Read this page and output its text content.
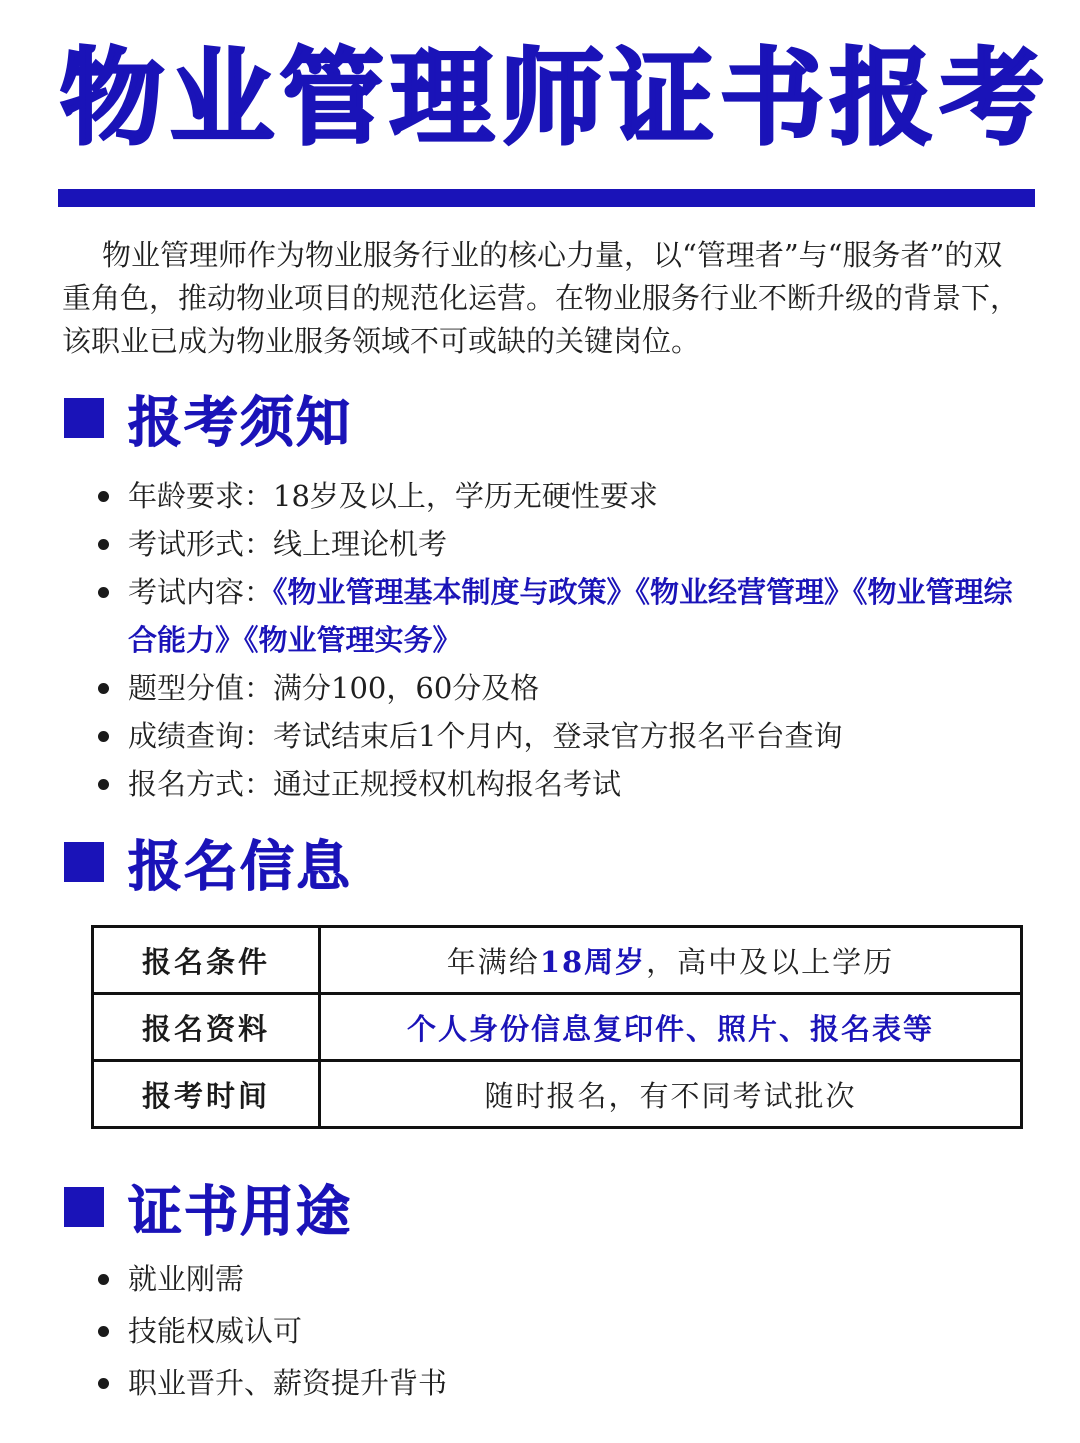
物业管理师证书报考

物业管理师作为物业服务行业的核心力量，以“管理者”与“服务者”的双重角色，推动物业项目的规范化运营。在物业服务行业不断升级的背景下，该职业已成为物业服务领域不可或缺的关键岗位。

报考须知
年龄要求：18岁及以上，学历无硬性要求
考试形式：线上理论机考
考试内容：《物业管理基本制度与政策》《物业经营管理》《物业管理综合能力》《物业管理实务》
题型分值：满分100，60分及格
成绩查询：考试结束后1个月内，登录官方报名平台查询
报名方式：通过正规授权机构报名考试
报名信息
报名条件	年满给18周岁，高中及以上学历
报名资料	个人身份信息复印件、照片、报名表等
报考时间	随时报名，有不同考试批次
证书用途
就业刚需
技能权威认可
职业晋升、薪资提升背书
